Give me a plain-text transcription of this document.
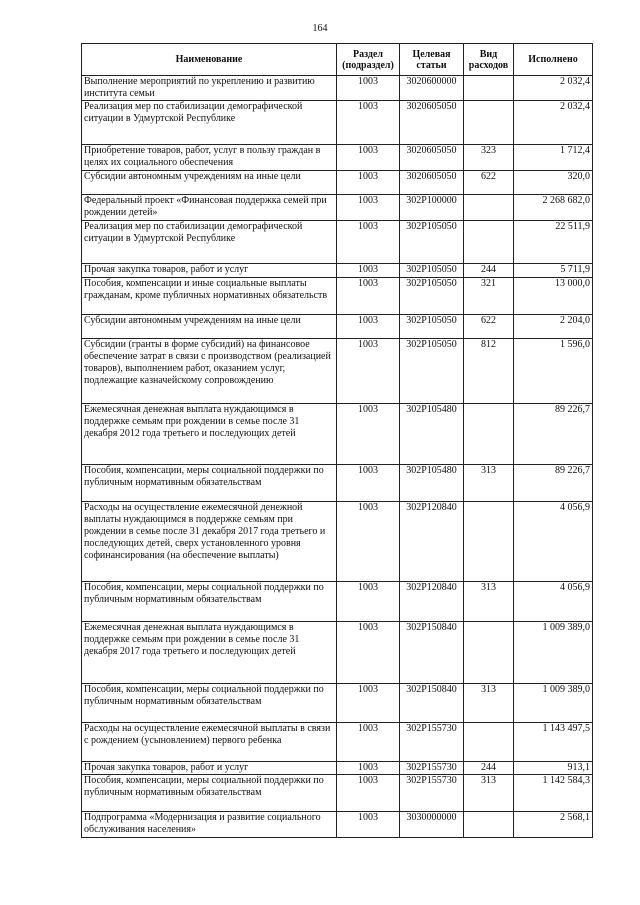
164
Наименование	Раздел (подраздел)	Целевая статьи	Вид расходов	Исполнено
Выполнение мероприятий по укреплению и развитию института семьи	1003	3020600000		2 032,4
Реализация мер по стабилизации демографической ситуации в Удмуртской Республике	1003	3020605050		2 032,4
Приобретение товаров, работ, услуг в пользу граждан в целях их социального обеспечения	1003	3020605050	323	1 712,4
Субсидии автономным учреждениям на иные цели	1003	3020605050	622	320,0
Федеральный проект «Финансовая поддержка семей при рождении детей»	1003	302P100000		2 268 682,0
Реализация мер по стабилизации демографической ситуации в Удмуртской Республике	1003	302P105050		22 511,9
Прочая закупка товаров, работ и услуг	1003	302P105050	244	5 711,9
Пособия, компенсации и иные социальные выплаты гражданам, кроме публичных нормативных обязательств	1003	302P105050	321	13 000,0
Субсидии автономным учреждениям на иные цели	1003	302P105050	622	2 204,0
Субсидии (гранты в форме субсидий) на финансовое обеспечение затрат в связи с производством (реализацией товаров), выполнением работ, оказанием услуг, подлежащие казначейскому сопровождению	1003	302P105050	812	1 596,0
Ежемесячная денежная выплата нуждающимся в поддержке семьям при рождении в семье после 31 декабря 2012 года третьего и последующих детей	1003	302P105480		89 226,7
Пособия, компенсации, меры социальной поддержки по публичным нормативным обязательствам	1003	302P105480	313	89 226,7
Расходы на осуществление ежемесячной денежной выплаты нуждающимся в поддержке семьям при рождении в семье после 31 декабря 2017 года третьего и последующих детей, сверх установленного уровня софинансирования (на обеспечение выплаты)	1003	302P120840		4 056,9
Пособия, компенсации, меры социальной поддержки по публичным нормативным обязательствам	1003	302P120840	313	4 056,9
Ежемесячная денежная выплата нуждающимся в поддержке семьям при рождении в семье после 31 декабря 2017 года третьего и последующих детей	1003	302P150840		1 009 389,0
Пособия, компенсации, меры социальной поддержки по публичным нормативным обязательствам	1003	302P150840	313	1 009 389,0
Расходы на осуществление ежемесячной выплаты в связи с рождением (усыновлением) первого ребенка	1003	302P155730		1 143 497,5
Прочая закупка товаров, работ и услуг	1003	302P155730	244	913,1
Пособия, компенсации, меры социальной поддержки по публичным нормативным обязательствам	1003	302P155730	313	1 142 584,3
Подпрограмма «Модернизация и развитие социального обслуживания населения»	1003	3030000000		2 568,1
